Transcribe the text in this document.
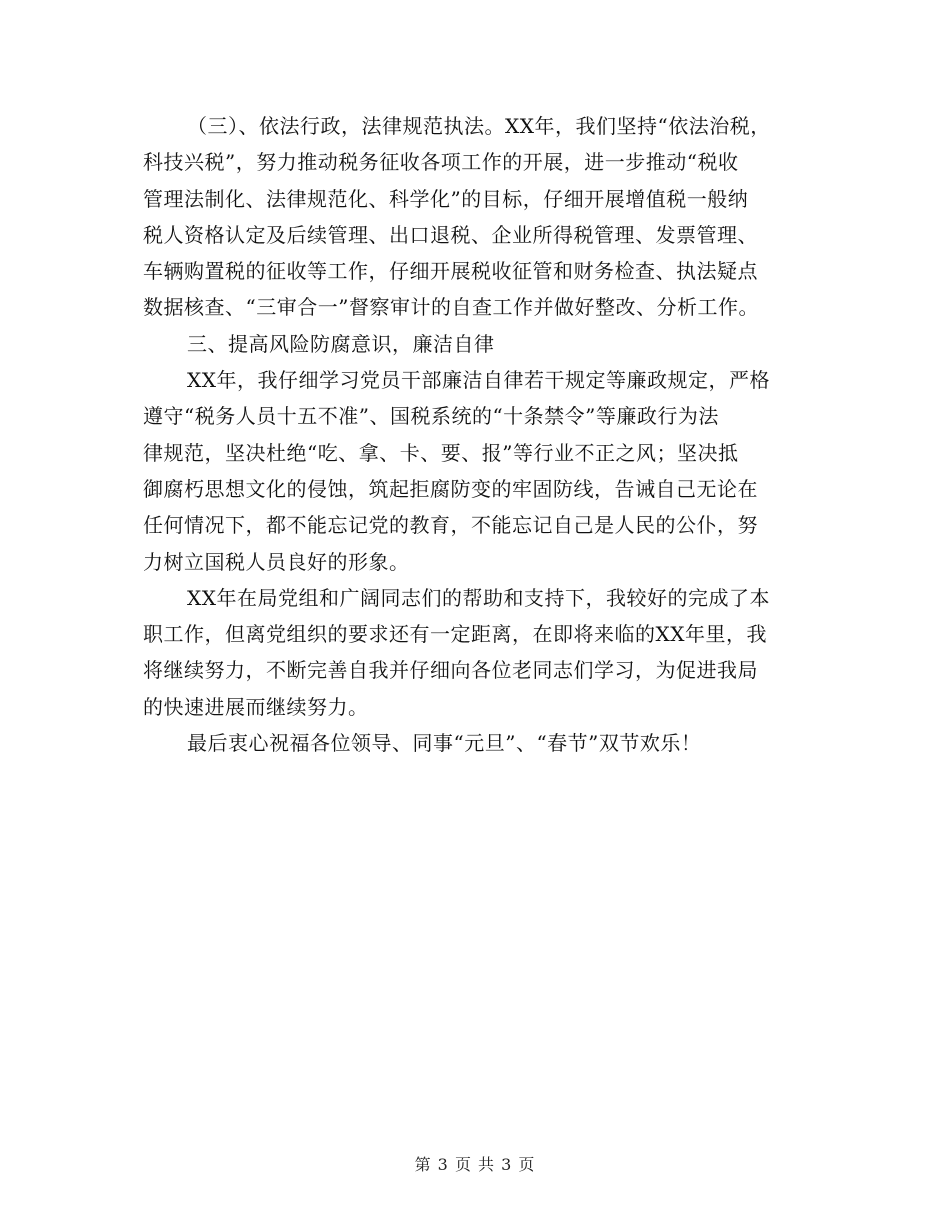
（三）、依法行政，法律规范执法。XX年，我们坚持“依法治税，
科技兴税”，努力推动税务征收各项工作的开展，进一步推动“税收
管理法制化、法律规范化、科学化”的目标，仔细开展增值税一般纳
税人资格认定及后续管理、出口退税、企业所得税管理、发票管理、
车辆购置税的征收等工作，仔细开展税收征管和财务检查、执法疑点
数据核查、“三审合一”督察审计的自查工作并做好整改、分析工作。
三、提高风险防腐意识，廉洁自律
XX年，我仔细学习党员干部廉洁自律若干规定等廉政规定，严格
遵守“税务人员十五不准”、国税系统的“十条禁令”等廉政行为法
律规范，坚决杜绝“吃、拿、卡、要、报”等行业不正之风；坚决抵
御腐朽思想文化的侵蚀，筑起拒腐防变的牢固防线，告诫自己无论在
任何情况下，都不能忘记党的教育，不能忘记自己是人民的公仆，努
力树立国税人员良好的形象。
XX年在局党组和广阔同志们的帮助和支持下，我较好的完成了本
职工作，但离党组织的要求还有一定距离，在即将来临的XX年里，我
将继续努力，不断完善自我并仔细向各位老同志们学习，为促进我局
的快速进展而继续努力。
最后衷心祝福各位领导、同事“元旦”、“春节”双节欢乐！
第 3 页 共 3 页
